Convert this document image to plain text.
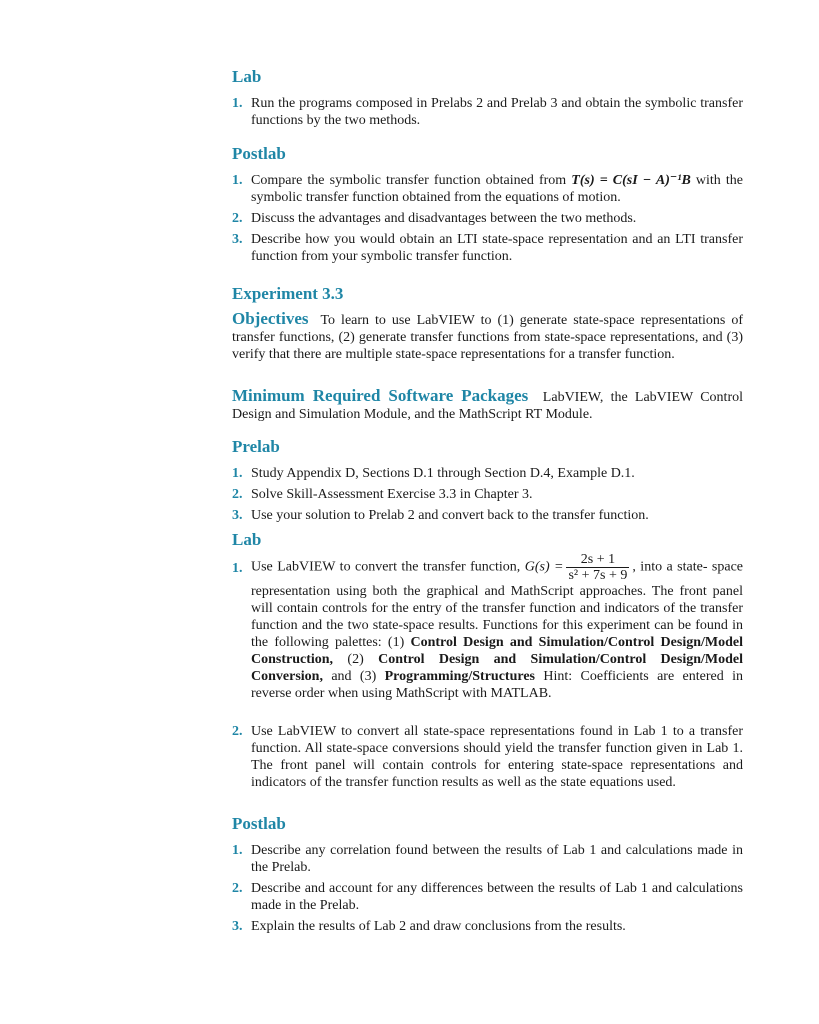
Lab
1. Run the programs composed in Prelabs 2 and Prelab 3 and obtain the symbolic transfer functions by the two methods.
Postlab
1. Compare the symbolic transfer function obtained from T(s) = C(sI − A)⁻¹B with the symbolic transfer function obtained from the equations of motion.
2. Discuss the advantages and disadvantages between the two methods.
3. Describe how you would obtain an LTI state-space representation and an LTI transfer function from your symbolic transfer function.
Experiment 3.3
Objectives To learn to use LabVIEW to (1) generate state-space representations of transfer functions, (2) generate transfer functions from state-space representations, and (3) verify that there are multiple state-space representations for a transfer function.
Minimum Required Software Packages LabVIEW, the LabVIEW Control Design and Simulation Module, and the MathScript RT Module.
Prelab
1. Study Appendix D, Sections D.1 through Section D.4, Example D.1.
2. Solve Skill-Assessment Exercise 3.3 in Chapter 3.
3. Use your solution to Prelab 2 and convert back to the transfer function.
Lab
1. Use LabVIEW to convert the transfer function, $G(s) = \frac{2s + 1}{\text{s² + 7s + 9}}$ , into a state- space representation using both the graphical and MathScript approaches. The front panel will contain controls for the entry of the transfer function and indicators of the transfer function and the two state-space results. Functions for this experiment can be found in the following palettes: (1) Control Design and Simulation/Control Design/Model Construction, (2) Control Design and Simulation/Control Design/Model Conversion, and (3) Programming/Structures Hint: Coefficients are entered in reverse order when using MathScript with MATLAB.
2. Use LabVIEW to convert all state-space representations found in Lab 1 to a transfer function. All state-space conversions should yield the transfer function given in Lab 1. The front panel will contain controls for entering state-space representations and indicators of the transfer function results as well as the state equations used.
Postlab
1. Describe any correlation found between the results of Lab 1 and calculations made in the Prelab.
2. Describe and account for any differences between the results of Lab 1 and calculations made in the Prelab.
3. Explain the results of Lab 2 and draw conclusions from the results.
